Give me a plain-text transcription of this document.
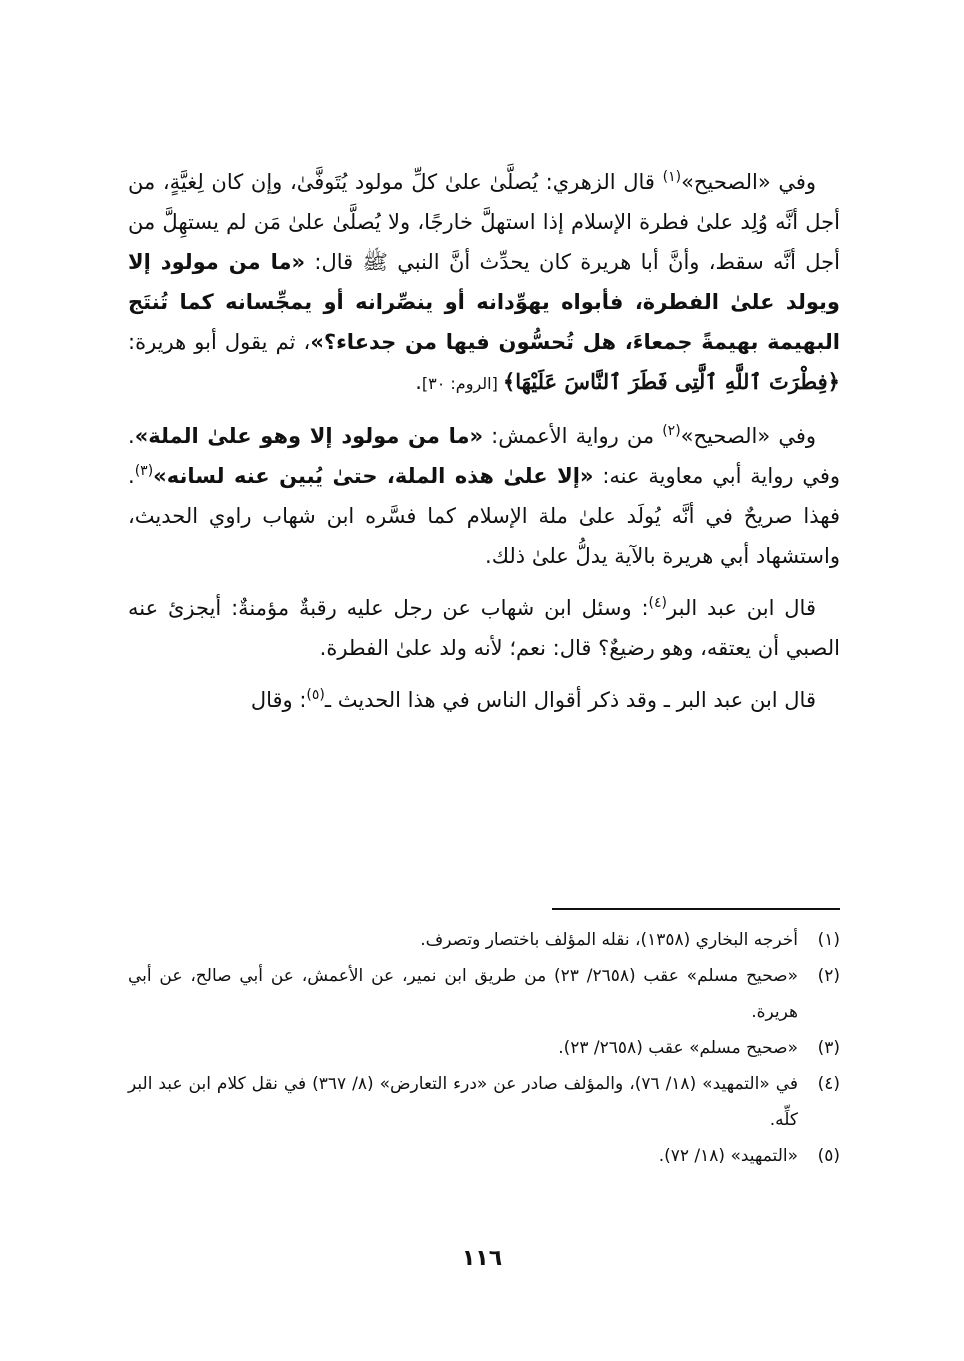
وفي «الصحيح»$^{(١)}$ قال الزهري: يُصلَّىٰ علىٰ كلِّ مولود يُتَوفَّىٰ، وإن كان لِغيَّةٍ، من أجل أنَّه وُلِد علىٰ فطرة الإسلام إذا استهلَّ خارجًا، ولا يُصلَّىٰ علىٰ مَن لم يستهِلَّ من أجل أنَّه سقط، وأنَّ أبا هريرة كان يحدِّث أنَّ النبي ﷺ قال: «ما من مولود إلا ويولد علىٰ الفطرة، فأبواه يهوِّدانه أو ينصِّرانه أو يمجِّسانه كما تُنتَج البهيمة بهيمةً جمعاءَ، هل تُحسُّون فيها من جدعاء؟»، ثم يقول أبو هريرة: ﴿فِطْرَتَ ٱللَّهِ ٱلَّتِى فَطَرَ ٱلنَّاسَ عَلَيْهَا﴾ [الروم: ٣٠].

وفي «الصحيح»$^{(٢)}$ من رواية الأعمش: «ما من مولود إلا وهو علىٰ الملة». وفي رواية أبي معاوية عنه: «إلا علىٰ هذه الملة، حتىٰ يُبين عنه لسانه»$^{(٣)}$. فهذا صريحٌ في أنَّه يُولَد علىٰ ملة الإسلام كما فسَّره ابن شهاب راوي الحديث، واستشهاد أبي هريرة بالآية يدلُّ علىٰ ذلك.

قال ابن عبد البر$^{(٤)}$: وسئل ابن شهاب عن رجل عليه رقبةٌ مؤمنةٌ: أيجزئ عنه الصبي أن يعتقه، وهو رضيعٌ؟ قال: نعم؛ لأنه ولد علىٰ الفطرة.

قال ابن عبد البر ـ وقد ذكر أقوال الناس في هذا الحديث ـ$^{(٥)}$: وقال

(١)
أخرجه البخاري (١٣٥٨)، نقله المؤلف باختصار وتصرف.
(٢)
«صحيح مسلم» عقب (٢٦٥٨/ ٢٣) من طريق ابن نمير، عن الأعمش، عن أبي صالح، عن أبي هريرة.
(٣)
«صحيح مسلم» عقب (٢٦٥٨/ ٢٣).
(٤)
في «التمهيد» (١٨/ ٧٦)، والمؤلف صادر عن «درء التعارض» (٨/ ٣٦٧) في نقل كلام ابن عبد البر كلِّه.
(٥)
«التمهيد» (١٨/ ٧٢).
١١٦
